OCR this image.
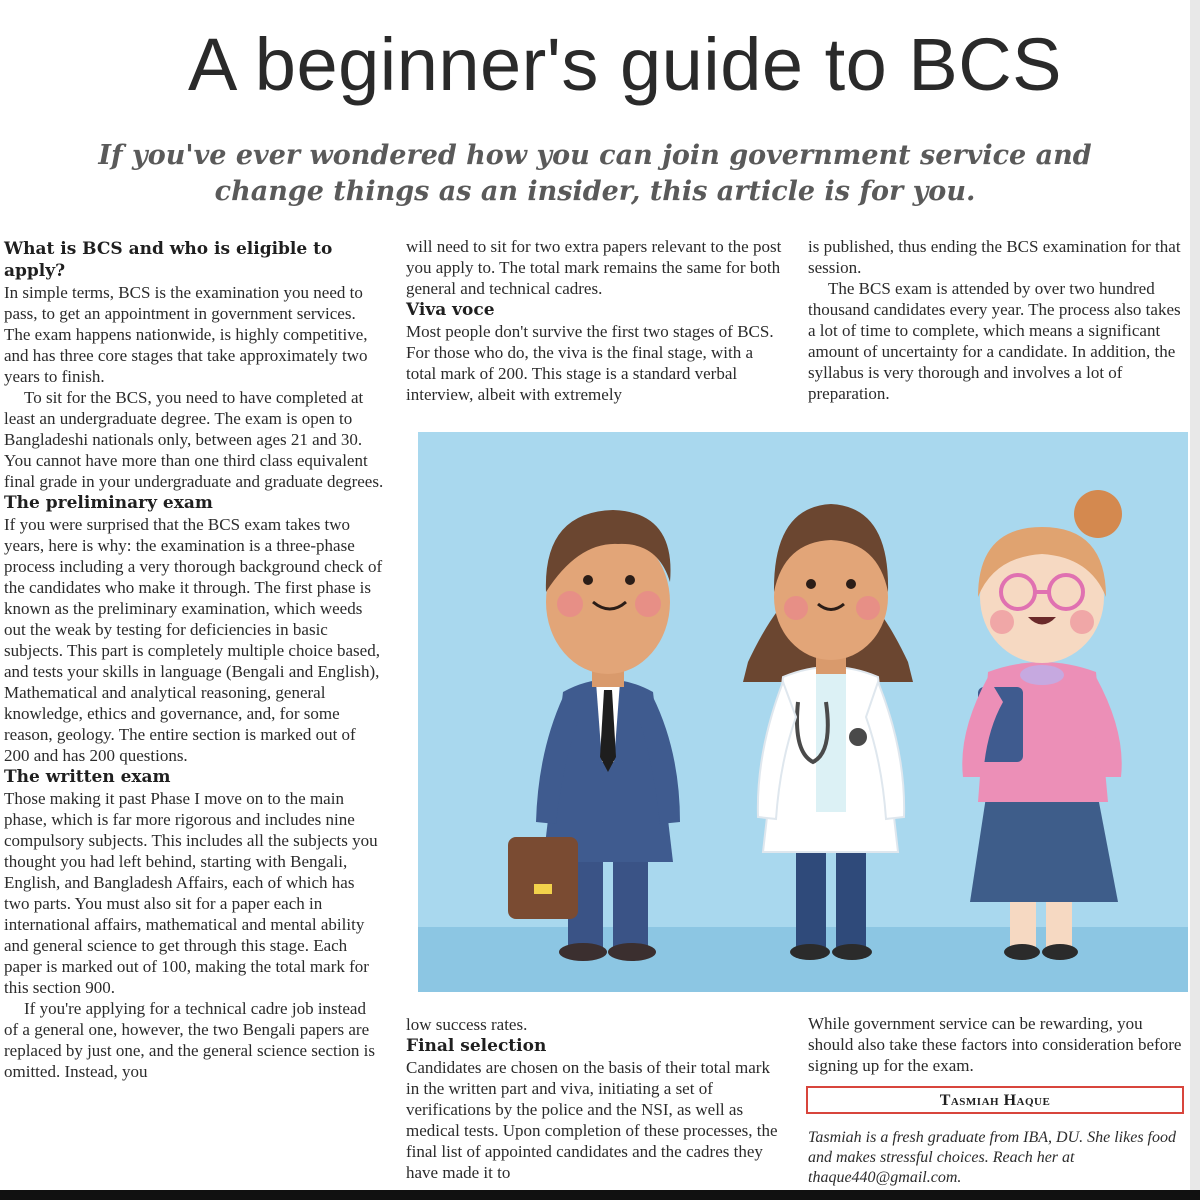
A beginner's guide to BCS

If you've ever wondered how you can join government service and change things as an insider, this article is for you.

What is BCS and who is eligible to apply?

In simple terms, BCS is the examination you need to pass, to get an appointment in government services. The exam happens nationwide, is highly competitive, and has three core stages that take approximately two years to finish.

To sit for the BCS, you need to have completed at least an undergraduate degree. The exam is open to Bangladeshi nationals only, between ages 21 and 30. You cannot have more than one third class equivalent final grade in your undergraduate and graduate degrees.

The preliminary exam

If you were surprised that the BCS exam takes two years, here is why: the examination is a three-phase process including a very thorough background check of the candidates who make it through. The first phase is known as the preliminary examination, which weeds out the weak by testing for deficiencies in basic subjects. This part is completely multiple choice based, and tests your skills in language (Bengali and English), Mathematical and analytical reasoning, general knowledge, ethics and governance, and, for some reason, geology. The entire section is marked out of 200 and has 200 questions.

The written exam

Those making it past Phase I move on to the main phase, which is far more rigorous and includes nine compulsory subjects. This includes all the subjects you thought you had left behind, starting with Bengali, English, and Bangladesh Affairs, each of which has two parts. You must also sit for a paper each in international affairs, mathematical and mental ability and general science to get through this stage. Each paper is marked out of 100, making the total mark for this section 900.

If you're applying for a technical cadre job instead of a general one, however, the two Bengali papers are replaced by just one, and the general science section is omitted. Instead, you

will need to sit for two extra papers relevant to the post you apply to. The total mark remains the same for both general and technical cadres.

Viva voce

Most people don't survive the first two stages of BCS. For those who do, the viva is the final stage, with a total mark of 200. This stage is a standard verbal interview, albeit with extremely

is published, thus ending the BCS examination for that session.

The BCS exam is attended by over two hundred thousand candidates every year. The process also takes a lot of time to complete, which means a significant amount of uncertainty for a candidate. In addition, the syllabus is very thorough and involves a lot of preparation.

low success rates.

Final selection

Candidates are chosen on the basis of their total mark in the written part and viva, initiating a set of verifications by the police and the NSI, as well as medical tests. Upon completion of these processes, the final list of appointed candidates and the cadres they have made it to

While government service can be rewarding, you should also take these factors into consideration before signing up for the exam.

Tasmiah Haque

Tasmiah is a fresh graduate from IBA, DU. She likes food and makes stressful choices. Reach her at thaque440@gmail.com.
